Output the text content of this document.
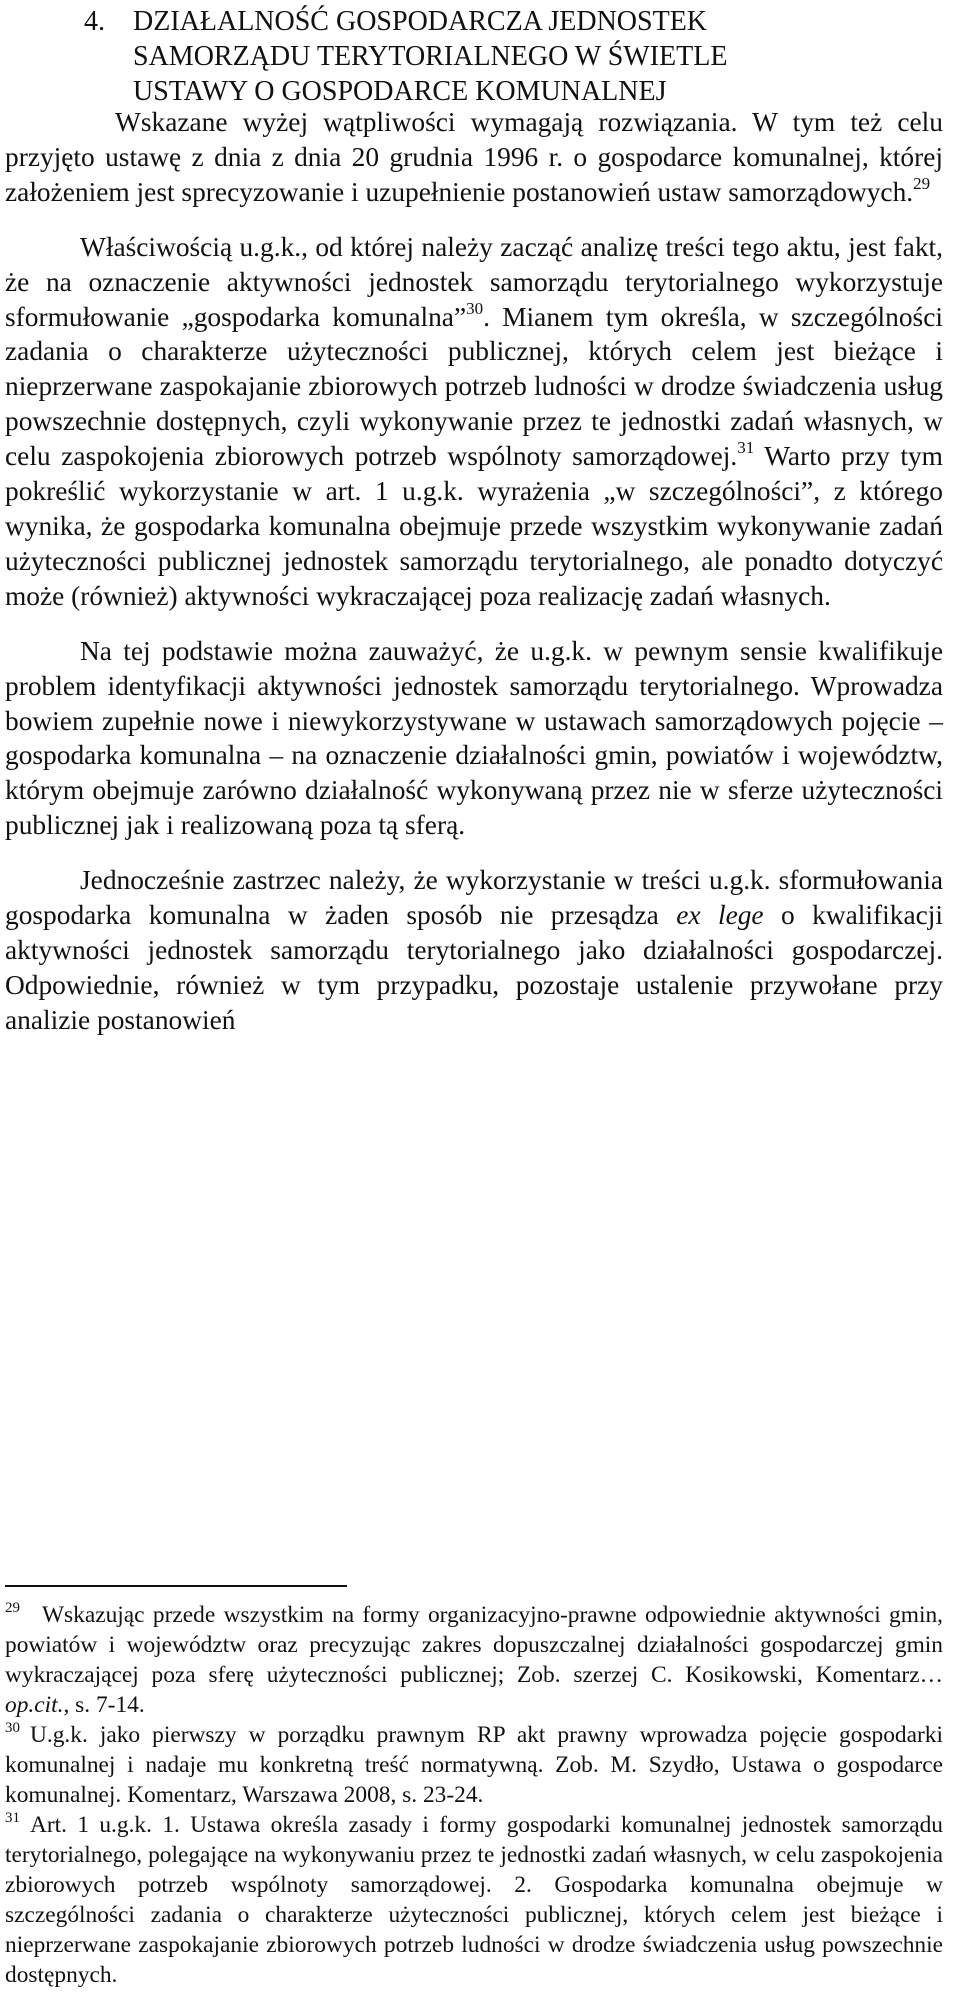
4. DZIAŁALNOŚĆ GOSPODARCZA JEDNOSTEK
SAMORZĄDU TERYTORIALNEGO W ŚWIETLE
USTAWY O GOSPODARCE KOMUNALNEJ

Wskazane wyżej wątpliwości wymagają rozwiązania. W tym też celu przyjęto ustawę z dnia z dnia 20 grudnia 1996 r. o gospodarce komunalnej, której założeniem jest sprecyzowanie i uzupełnienie postanowień ustaw samorządowych.$^{29}$

Właściwością u.g.k., od której należy zacząć analizę treści tego aktu, jest fakt, że na oznaczenie aktywności jednostek samorządu terytorialnego wykorzystuje sformułowanie „gospodarka komunalna”$^{30}$. Mianem tym określa, w szczególności zadania o charakterze użyteczności publicznej, których celem jest bieżące i nieprzerwane zaspokajanie zbiorowych potrzeb ludności w drodze świadczenia usług powszechnie dostępnych, czyli wykonywanie przez te jednostki zadań własnych, w celu zaspokojenia zbiorowych potrzeb wspólnoty samorządowej.$^{31}$ Warto przy tym pokreślić wykorzystanie w art. 1 u.g.k. wyrażenia „w szczególności”, z którego wynika, że gospodarka komunalna obejmuje przede wszystkim wykonywanie zadań użyteczności publicznej jednostek samorządu terytorialnego, ale ponadto dotyczyć może (również) aktywności wykraczającej poza realizację zadań własnych.

Na tej podstawie można zauważyć, że u.g.k. w pewnym sensie kwalifikuje problem identyfikacji aktywności jednostek samorządu terytorialnego. Wprowadza bowiem zupełnie nowe i niewykorzystywane w ustawach samorządowych pojęcie – gospodarka komunalna – na oznaczenie działalności gmin, powiatów i województw, którym obejmuje zarówno działalność wykonywaną przez nie w sferze użyteczności publicznej jak i realizowaną poza tą sferą.

Jednocześnie zastrzec należy, że wykorzystanie w treści u.g.k. sformułowania gospodarka komunalna w żaden sposób nie przesądza ex lege o kwalifikacji aktywności jednostek samorządu terytorialnego jako działalności gospodarczej. Odpowiednie, również w tym przypadku, pozostaje ustalenie przywołane przy analizie postanowień

$^{29}$ Wskazując przede wszystkim na formy organizacyjno-prawne odpowiednie aktywności gmin, powiatów i województw oraz precyzując zakres dopuszczalnej działalności gospodarczej gmin wykraczającej poza sferę użyteczności publicznej; Zob. szerzej C. Kosikowski, Komentarz…op.cit., s. 7-14.

$^{30}$ U.g.k. jako pierwszy w porządku prawnym RP akt prawny wprowadza pojęcie gospodarki komunalnej i nadaje mu konkretną treść normatywną. Zob. M. Szydło, Ustawa o gospodarce komunalnej. Komentarz, Warszawa 2008, s. 23-24.

$^{31}$ Art. 1 u.g.k. 1. Ustawa określa zasady i formy gospodarki komunalnej jednostek samorządu terytorialnego, polegające na wykonywaniu przez te jednostki zadań własnych, w celu zaspokojenia zbiorowych potrzeb wspólnoty samorządowej. 2. Gospodarka komunalna obejmuje w szczególności zadania o charakterze użyteczności publicznej, których celem jest bieżące i nieprzerwane zaspokajanie zbiorowych potrzeb ludności w drodze świadczenia usług powszechnie dostępnych.
